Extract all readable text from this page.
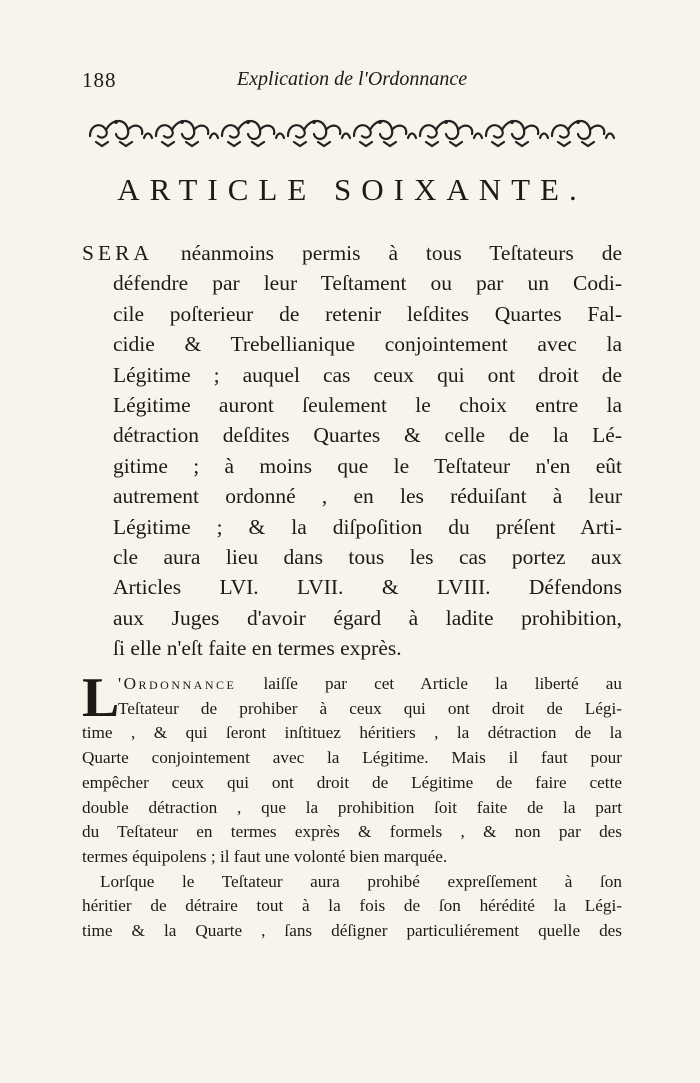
188	Explication de l'Ordonnance
ARTICLE SOIXANTE.
SERA néanmoins permis à tous Teſtateurs de
défendre par leur Teſtament ou par un Codi-
cile poſterieur de retenir leſdites Quartes Fal-
cidie & Trebellianique conjointement avec la
Légitime ; auquel cas ceux qui ont droit de
Légitime auront ſeulement le choix entre la
détraction deſdites Quartes & celle de la Lé-
gitime ; à moins que le Teſtateur n'en eût
autrement ordonné , en les réduiſant à leur
Légitime ; & la diſpoſition du préſent Arti-
cle aura lieu dans tous les cas portez aux
Articles LVI. LVII. & LVIII. Défendons
aux Juges d'avoir égard à ladite prohibition,
ſi elle n'eſt faite en termes exprès.
L
'Ordonnance laiſſe par cet Article la liberté au
Teſtateur de prohiber à ceux qui ont droit de Légi-
time , & qui ſeront inſtituez héritiers , la détraction de la
Quarte conjointement avec la Légitime. Mais il faut pour
empêcher ceux qui ont droit de Légitime de faire cette
double détraction , que la prohibition ſoit faite de la part
du Teſtateur en termes exprès & formels , & non par des
termes équipolens ; il faut une volonté bien marquée.
Lorſque le Teſtateur aura prohibé expreſſement à ſon
héritier de détraire tout à la fois de ſon hérédité la Légi-
time & la Quarte , ſans déſigner particuliérement quelle des
